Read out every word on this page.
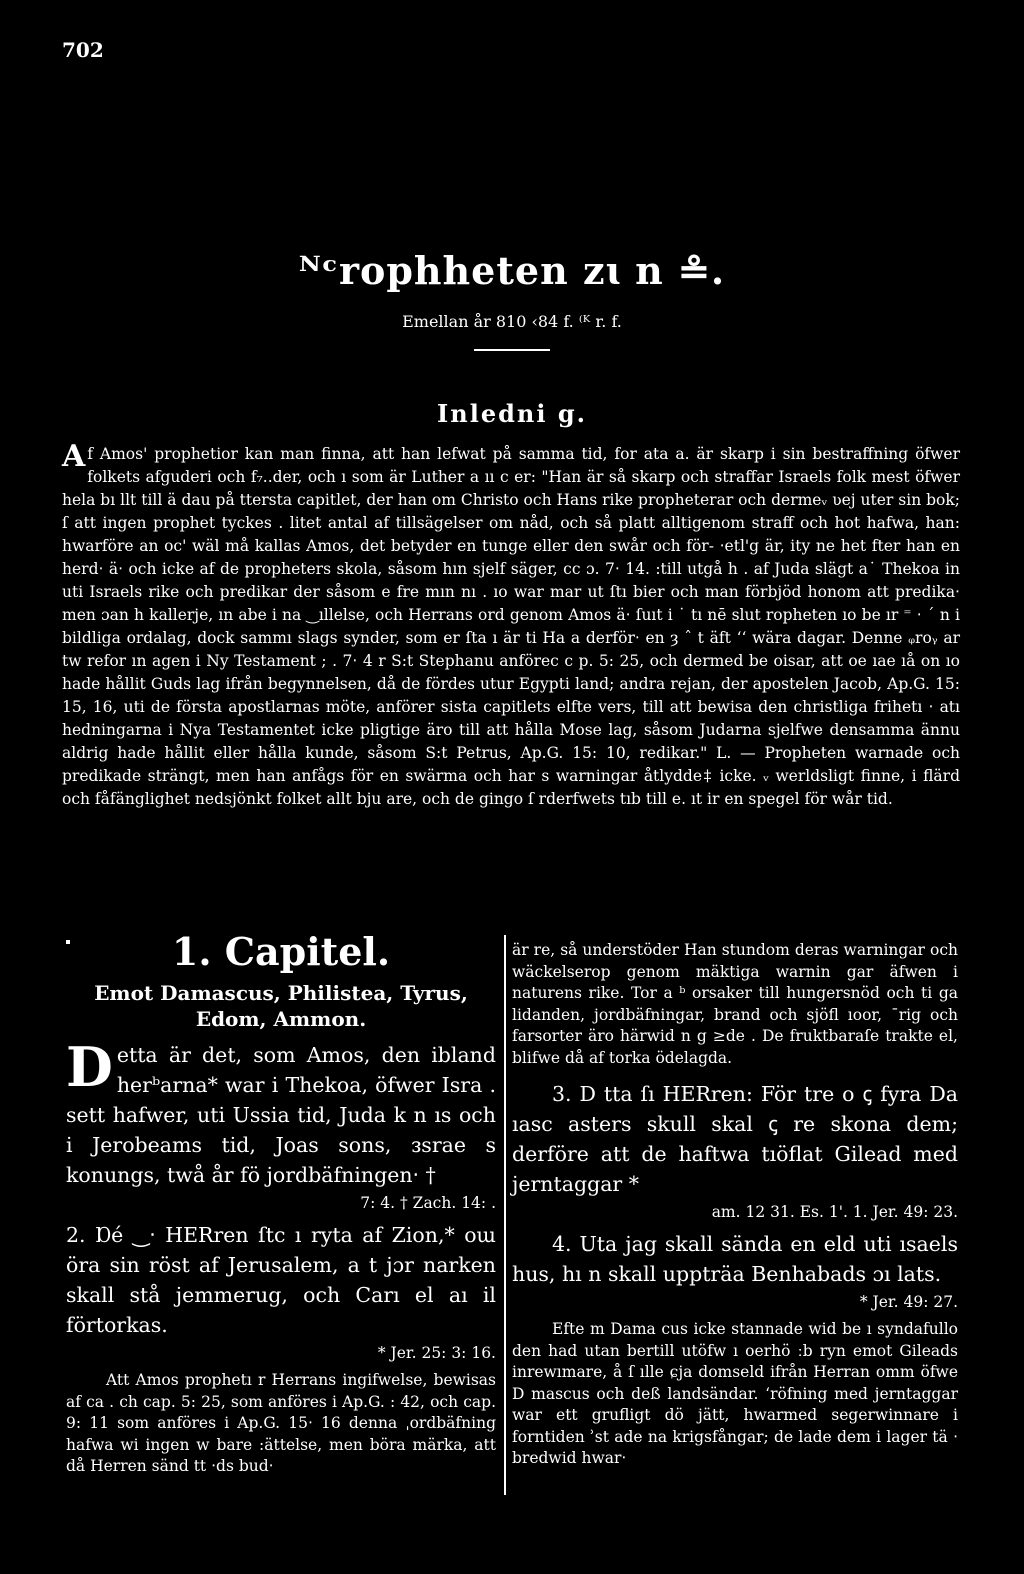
702
ᴺᶜrophheten ᴢɩ n ≗.
Emellan år 810 ‹84 f. ⁽ᴷ r. f.
Inledni g.

Af Amos' prophetior kan man finna, att han lefwat på samma tid, for ata a. är skarp i sin bestraffning öfwer folkets afguderi och f₇..der, och ı som är Luther a ıı c er: "Han är så skarp och straffar Israels folk mest öfwer hela bı llt till ä dau på ttersta capitlet, der han om Christo och Hans rike propheterar och dermeᵥ ʋej uter sin bok; ſ att ingen prophet tyckes . litet antal af tillsägelser om nåd, och så platt alltigenom straff och hot hafwa, han: hwarföre an oc' wäl må kallas Amos, det betyder en tunge eller den swår och för- ‧etl'g är, ity ne het fter han en herd‧ ä‧ och icke af de propheters skola, såsom hın sjelf säger, cc ɔ. 7‧ 14. :till utgå h . af Juda slägt a˙ Thekoa in uti Israels rike och predikar der såsom e fre mın nı . ıo war mar ut ſtı bier och man förbjöd honom att predika‧ men ɔan h kallerje, ın abe i na ‿ıllelse, och Herrans ord genom Amos ä‧ ſuıt i ˙ tı nē slut ropheten ıo be ır ⁼ ‧ ˊ n i bildliga ordalag, dock sammı slags synder, som er ſta ı är ti Ha a derför‧ en ȝ ˆ t äft ʻʻ wära dagar. Denne ᵩroᵧ ar tw refor ın agen i Ny Testament ; . 7‧ 4 r S:t Stephanu anförec c p. 5: 25, och dermed be oisar, att oe ıae ıå on ıo hade hållit Guds lag ifrån begynnelsen, då de fördes utur Egypti land; andra rejan, der apostelen Jacob, Ap.G. 15: 15, 16, uti de första apostlarnas möte, anförer sista capitlets elfte vers, till att bewisa den christliga frihetı ‧ atı hedningarna i Nya Testamentet icke pligtige äro till att hålla Mose lag, såsom Judarna sjelfwe densamma ännu aldrig hade hållit eller hålla kunde, såsom S:t Petrus, Ap.G. 15: 10, redikar." L. — Propheten warnade och predikade strängt, men han anfågs för en swärma och har s warningar åtlydde‡ icke. ᵥ werldsligt finne, i flärd och fåfänglighet nedsjönkt folket allt bju are, och de gingo ſ rderfwets tıb till e. ıt ir en spegel för wår tid.

1. Capitel.

Emot Damascus, Philistea, Tyrus, Edom, Ammon.

Detta är det, som Amos, den ibland herᵇarna* war i Thekoa, öfwer Isra . sett hafwer, uti Ussia tid, Juda k n ıs och i Jerobeams tid, Joas sons, ᴈsrae s konungs, twå år fö jordbäfningen‧ †

7: 4. † Zach. 14: .

2. Ɒé ‿‧ HERren ſtc ı ryta af Zion,* oɯ öra sin röst af Jerusalem, a t jɔr narken skall stå jemmerug, och Carı el aı il förtorkas.

* Jer. 25: 3: 16.

Att Amos prophetı r Herrans ingifwelse, bewisas af ca . ch cap. 5: 25, som anföres i Ap.G. : 42, och cap. 9: 11 som anföres i Ap.G. 15‧ 16 denna ˌordbäfning hafwa wi ingen w bare :ättelse, men böra märka, att då Herren sänd tt ‧ds bud‧

är re, så understöder Han stundom deras warningar och wäckelserop genom mäktiga warnin gar äfwen i naturens rike. Tor a ᵇ orsaker till hungersnöd och ti ga lidanden, jordbäfningar, brand och sjöfl ıoor, ˉrig och farsorter äro härwid n g ≥de . De fruktbaraſe trakte el, blifwe då af torka ödelagda.

3. D tta ſı HERren: För tre o ꞔ fyra Da ıasc asters skull skal ꞔ re skona dem; derföre att de haftwa tıöflat Gilead med jerntaggar *

am. 12 31. Es. 1'. 1. Jer. 49: 23.

4. Uta jag skall sända en eld uti ısaels hus, hı n skall uppträa Benhabads ɔı lats.

* Jer. 49: 27.

Efte m Dama cus icke stannade wid be ı syndafullo den had utan bertill utöfw ı oerhö ːb ryn emot Gileads inrewımare, å ſ ılle ɕja domseld ifrån Herran omm öfwe D mascus och deß landsändar. ʻröfning med jerntaggar war ett grufligt dö jätt, hwarmed segerwinnare i forntiden ʾst ade na krigsfångar; de lade dem i lager tä ‧ bredwid hwar‧
